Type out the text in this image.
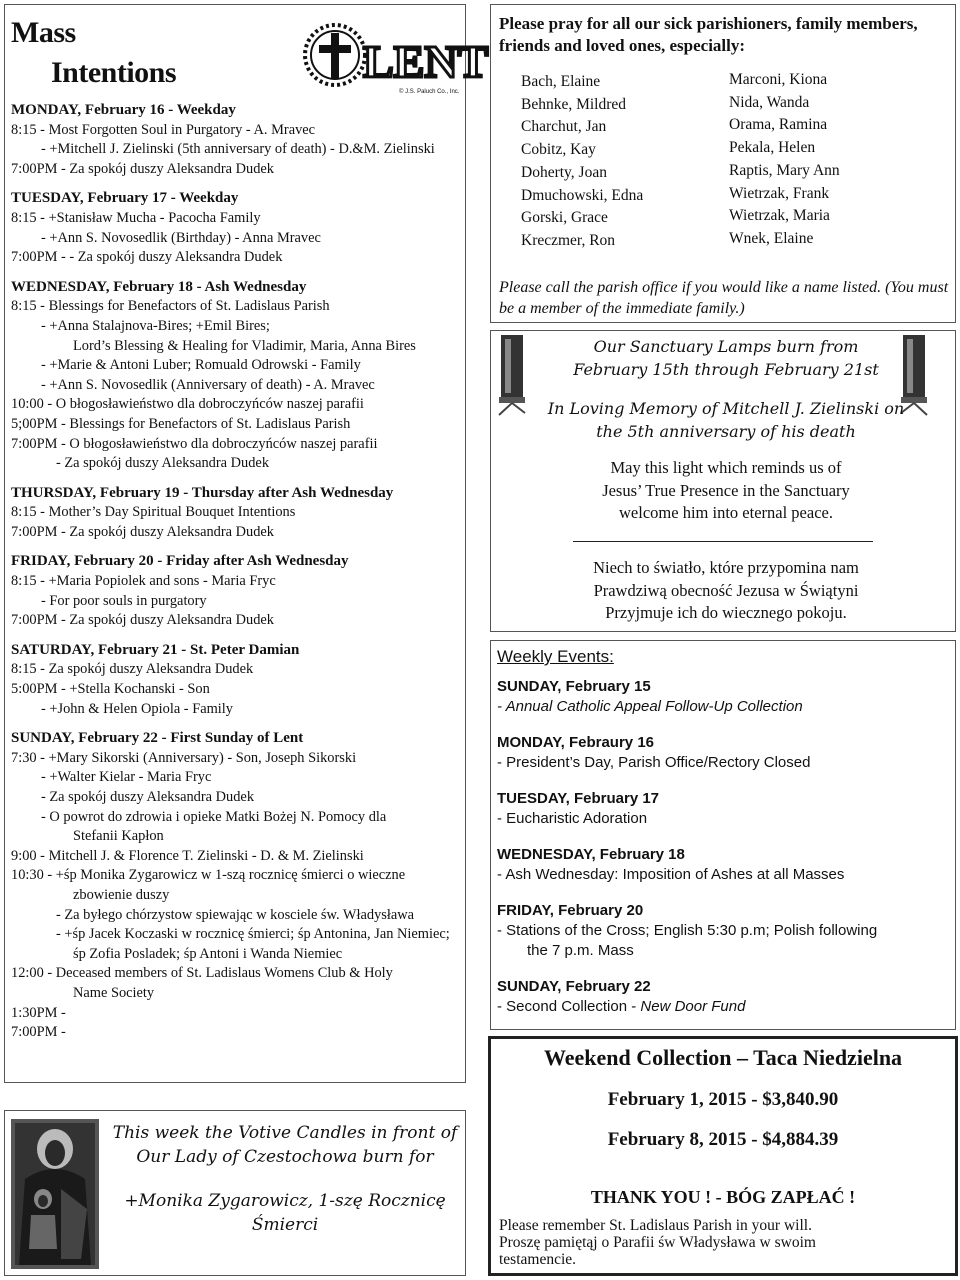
Mass
Intentions	LENT
© J.S. Paluch Co., Inc.
MONDAY, February 16 - Weekday
8:15 - Most Forgotten Soul in Purgatory - A. Mravec
- +Mitchell J. Zielinski (5th anniversary of death) - D.&M. Zielinski
7:00PM - Za spokój duszy Aleksandra Dudek
TUESDAY, February 17 - Weekday
8:15 - +Stanisław Mucha - Pacocha Family
- +Ann S. Novosedlik (Birthday) - Anna Mravec
7:00PM - - Za spokój duszy Aleksandra Dudek
WEDNESDAY, February 18 - Ash Wednesday
8:15 - Blessings for Benefactors of St. Ladislaus Parish
- +Anna Stalajnova-Bires; +Emil Bires;
Lord’s Blessing & Healing for Vladimir, Maria, Anna Bires
- +Marie & Antoni Luber; Romuald Odrowski - Family
- +Ann S. Novosedlik (Anniversary of death) - A. Mravec
10:00 - O błogosławieństwo dla dobroczyńców naszej parafii
5;00PM - Blessings for Benefactors of St. Ladislaus Parish
7:00PM - O błogosławieństwo dla dobroczyńców naszej parafii
- Za spokój duszy Aleksandra Dudek
THURSDAY, February 19 - Thursday after Ash Wednesday
8:15 - Mother’s Day Spiritual Bouquet Intentions
7:00PM - Za spokój duszy Aleksandra Dudek
FRIDAY, February 20 - Friday after Ash Wednesday
8:15 - +Maria Popiolek and sons - Maria Fryc
- For poor souls in purgatory
7:00PM - Za spokój duszy Aleksandra Dudek
SATURDAY, February 21 - St. Peter Damian
8:15 - Za spokój duszy Aleksandra Dudek
5:00PM - +Stella Kochanski - Son
- +John & Helen Opiola - Family
SUNDAY, February 22 - First Sunday of Lent
7:30 - +Mary Sikorski (Anniversary) - Son, Joseph Sikorski
- +Walter Kielar - Maria Fryc
- Za spokój duszy Aleksandra Dudek
- O powrot do zdrowia i opieke Matki Bożej N. Pomocy dla
Stefanii Kapłon
9:00 - Mitchell J. & Florence T. Zielinski - D. & M. Zielinski
10:30 - +śp Monika Zygarowicz w 1-szą rocznicę śmierci o wieczne
zbowienie duszy
- Za byłego chórzystow spiewając w kosciele św. Władysława
- +śp Jacek Koczaski w rocznicę śmierci; śp Antonina, Jan Niemiec;
śp Zofia Posladek; śp Antoni i Wanda Niemiec
12:00 - Deceased members of St. Ladislaus Womens Club & Holy
Name Society
1:30PM -
7:00PM -
This week the Votive Candles in front of
Our Lady of Czestochowa burn for
+Monika Zygarowicz, 1-szę Rocznicę Śmierci
Please pray for all our sick parishioners, family members, friends and loved ones, especially:
Bach, Elaine
Behnke, Mildred
Charchut, Jan
Cobitz, Kay
Doherty, Joan
Dmuchowski, Edna
Gorski, Grace
Kreczmer, Ron
Marconi, Kiona
Nida, Wanda
Orama, Ramina
Pekala, Helen
Raptis, Mary Ann
Wietrzak, Frank
Wietrzak, Maria
Wnek, Elaine
Please call the parish office if you would like a name listed. (You must be a member of the immediate family.)
Our Sanctuary Lamps burn from
February 15th through February 21st
In Loving Memory of Mitchell J. Zielinski on
the 5th anniversary of his death
May this light which reminds us of
Jesus’ True Presence in the Sanctuary
welcome him into eternal peace.
Niech to światło, które przypomina nam
Prawdziwą obecność Jezusa w Świątyni
Przyjmuje ich do wiecznego pokoju.
Weekly Events:
SUNDAY, February 15
- Annual Catholic Appeal Follow-Up Collection
MONDAY, Febraury 16
- President’s Day, Parish Office/Rectory Closed
TUESDAY, February 17
- Eucharistic Adoration
WEDNESDAY, February 18
- Ash Wednesday: Imposition of Ashes at all Masses
FRIDAY, February 20
- Stations of the Cross; English 5:30 p.m; Polish following
the 7 p.m. Mass
SUNDAY, February 22
- Second Collection - New Door Fund
Weekend Collection – Taca Niedzielna
February 1, 2015 - $3,840.90
February 8, 2015 - $4,884.39
THANK YOU ! - BÓG ZAPŁAĆ !
Please remember St. Ladislaus Parish in your will.
Proszę pamiętąj o Parafii św Władysława w swoim
testamencie.
